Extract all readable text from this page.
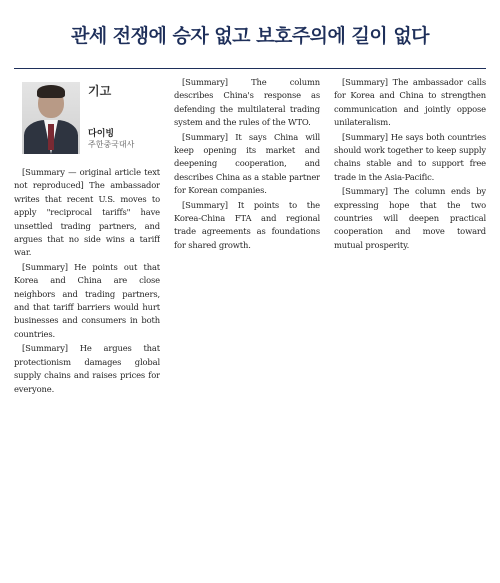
관세 전쟁에 승자 없고 보호주의에 길이 없다
기고
다이빙
주한중국대사

[Summary — original article text not reproduced] The ambassador writes that recent U.S. moves to apply "reciprocal tariffs" have unsettled trading partners, and argues that no side wins a tariff war.

[Summary] He points out that Korea and China are close neighbors and trading partners, and that tariff barriers would hurt businesses and consumers in both countries.

[Summary] He argues that protectionism damages global supply chains and raises prices for everyone.

[Summary] The column describes China's response as defending the multilateral trading system and the rules of the WTO.

[Summary] It says China will keep opening its market and deepening cooperation, and describes China as a stable partner for Korean companies.

[Summary] It points to the Korea-China FTA and regional trade agreements as foundations for shared growth.

[Summary] The ambassador calls for Korea and China to strengthen communication and jointly oppose unilateralism.

[Summary] He says both countries should work together to keep supply chains stable and to support free trade in the Asia-Pacific.

[Summary] The column ends by expressing hope that the two countries will deepen practical cooperation and move toward mutual prosperity.
